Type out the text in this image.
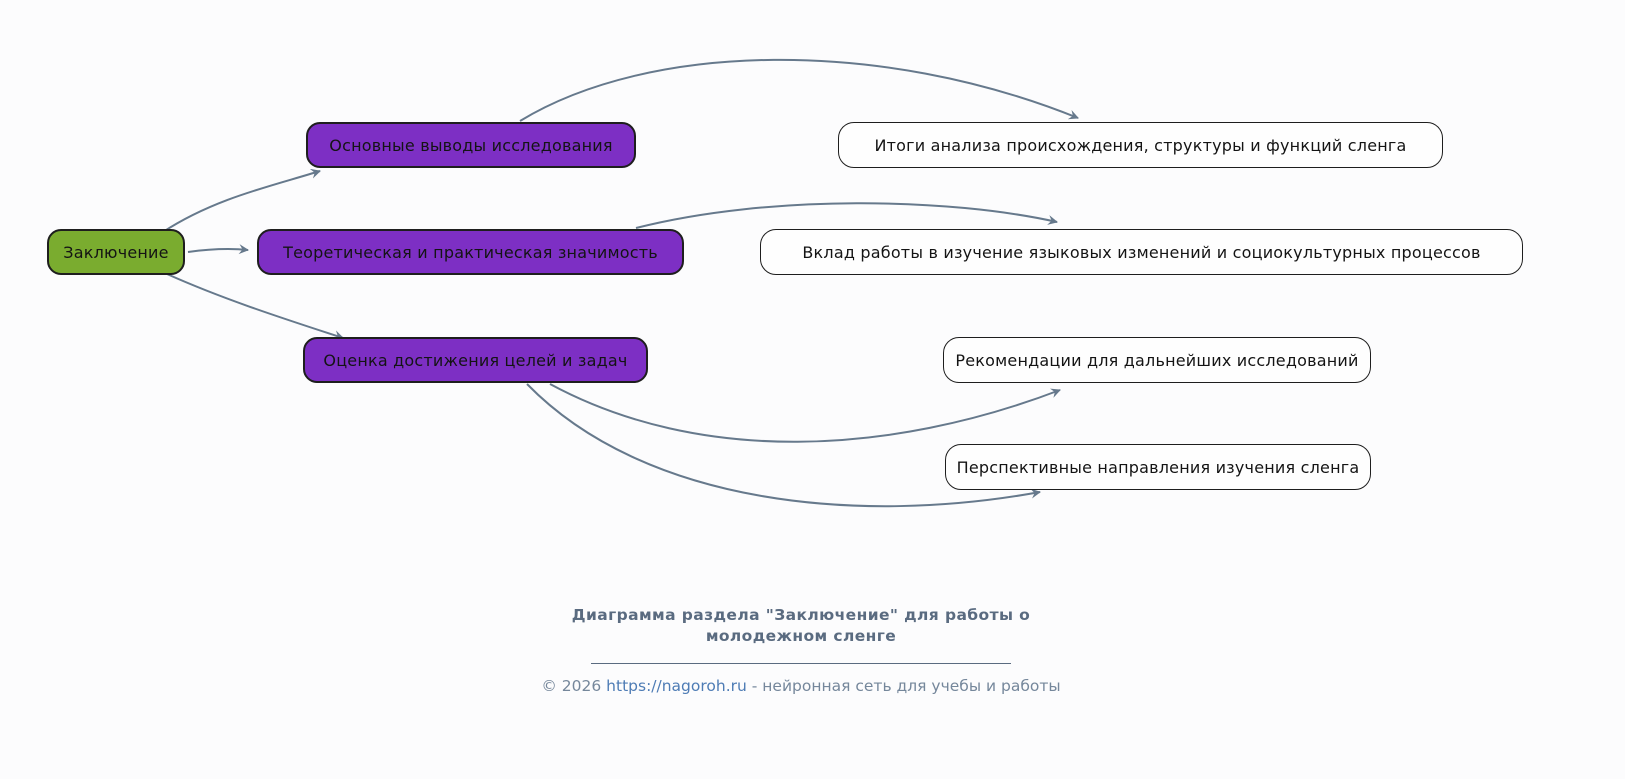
Заключение
Основные выводы исследования
Теоретическая и практическая значимость
Оценка достижения целей и задач
Итоги анализа происхождения, структуры и функций сленга
Вклад работы в изучение языковых изменений и социокультурных процессов
Рекомендации для дальнейших исследований
Перспективные направления изучения сленга
Диаграмма раздела "Заключение" для работы о
молодежном сленге
© 2026 https://nagoroh.ru - нейронная сеть для учебы и работы
